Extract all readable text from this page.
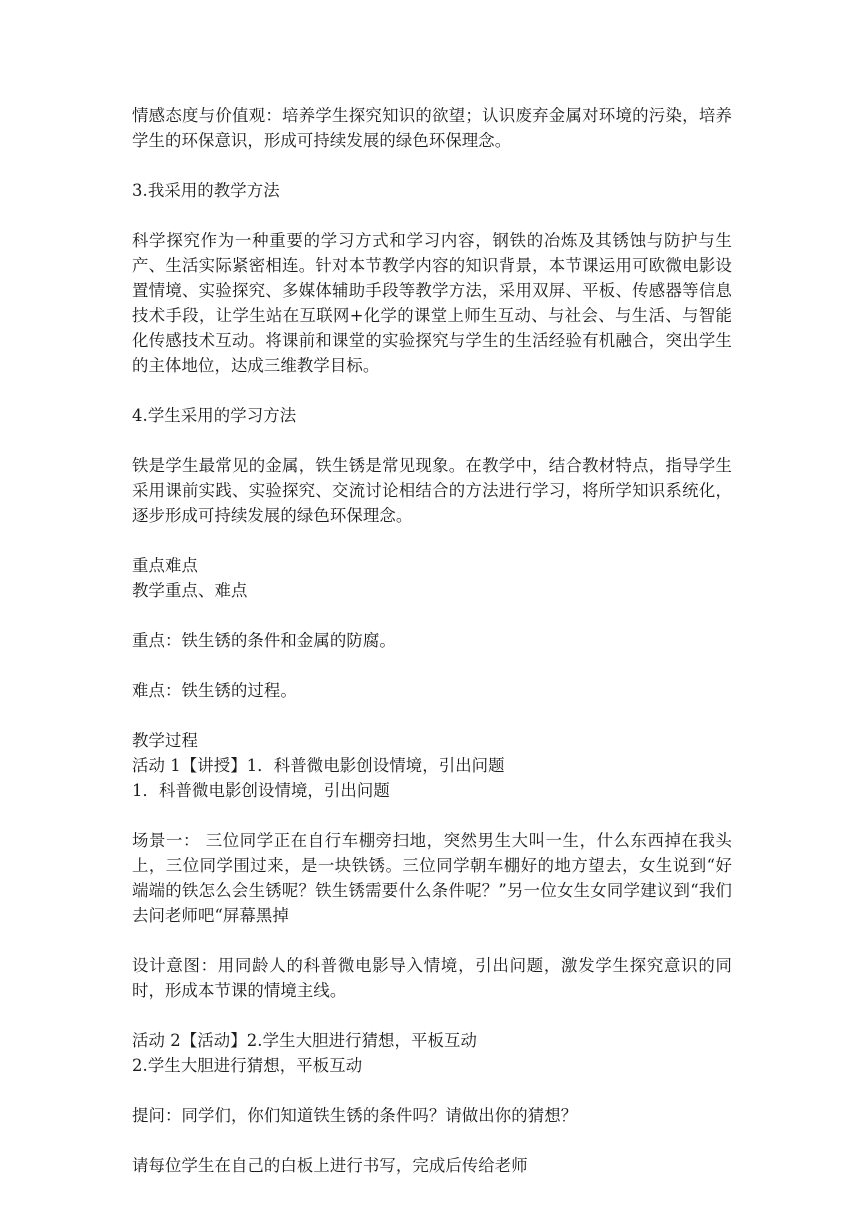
情感态度与价值观：培养学生探究知识的欲望；认识废弃金属对环境的污染，培养学生的环保意识，形成可持续发展的绿色环保理念。

3.我采用的教学方法

科学探究作为一种重要的学习方式和学习内容，钢铁的冶炼及其锈蚀与防护与生产、生活实际紧密相连。针对本节教学内容的知识背景，本节课运用可欧微电影设置情境、实验探究、多媒体辅助手段等教学方法，采用双屏、平板、传感器等信息技术手段，让学生站在互联网+化学的课堂上师生互动、与社会、与生活、与智能化传感技术互动。将课前和课堂的实验探究与学生的生活经验有机融合，突出学生的主体地位，达成三维教学目标。

4.学生采用的学习方法

铁是学生最常见的金属，铁生锈是常见现象。在教学中，结合教材特点，指导学生采用课前实践、实验探究、交流讨论相结合的方法进行学习，将所学知识系统化，逐步形成可持续发展的绿色环保理念。

重点难点

教学重点、难点

重点：铁生锈的条件和金属的防腐。

难点：铁生锈的过程。

教学过程

活动 1【讲授】1．科普微电影创设情境，引出问题

1．科普微电影创设情境，引出问题

场景一： 三位同学正在自行车棚旁扫地，突然男生大叫一生，什么东西掉在我头上，三位同学围过来，是一块铁锈。三位同学朝车棚好的地方望去，女生说到“好端端的铁怎么会生锈呢？铁生锈需要什么条件呢？”另一位女生女同学建议到“我们去问老师吧“屏幕黑掉

设计意图：用同龄人的科普微电影导入情境，引出问题，激发学生探究意识的同时，形成本节课的情境主线。

活动 2【活动】2.学生大胆进行猜想，平板互动

2.学生大胆进行猜想，平板互动

提问：同学们，你们知道铁生锈的条件吗？请做出你的猜想？

请每位学生在自己的白板上进行书写，完成后传给老师
